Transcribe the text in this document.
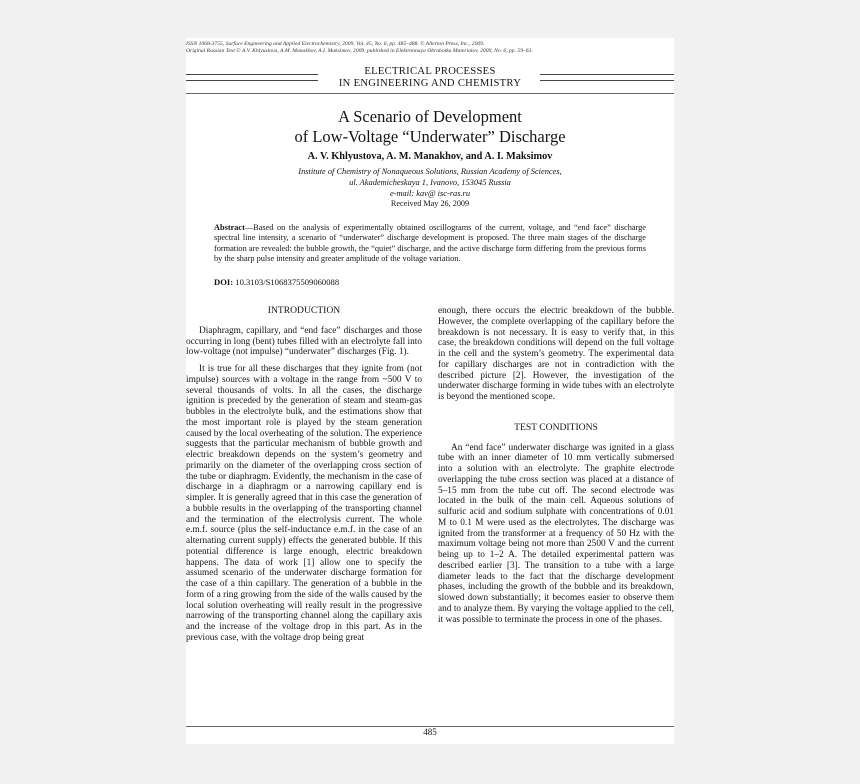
ISSN 1068-3755, Surface Engineering and Applied Electrochemistry, 2009, Vol. 45, No. 6, pp. 485–488. © Allerton Press, Inc., 2009.
Original Russian Text © A.V. Khlyustova, A.M. Manakhov, A.I. Maksimov, 2009, published in Elektronnaya Obrabotka Materialov, 2009, No. 6, pp. 59–63.
ELECTRICAL PROCESSES
IN ENGINEERING AND CHEMISTRY
A Scenario of Development
of Low-Voltage “Underwater” Discharge
A. V. Khlyustova, A. M. Manakhov, and A. I. Maksimov
Institute of Chemistry of Nonaqueous Solutions, Russian Academy of Sciences,
ul. Akademicheskaya 1, Ivanovo, 153045 Russia
e-mail: kav@ isc-ras.ru
Received May 26, 2009
Abstract—Based on the analysis of experimentally obtained oscillograms of the current, voltage, and “end face” discharge spectral line intensity, a scenario of “underwater” discharge development is proposed. The three main stages of the discharge formation are revealed: the bubble growth, the “quiet” discharge, and the active discharge form differing from the previous forms by the sharp pulse intensity and greater amplitude of the voltage variation.
DOI: 10.3103/S1068375509060088
INTRODUCTION

Diaphragm, capillary, and “end face” discharges and those occurring in long (bent) tubes filled with an electrolyte fall into low-voltage (not impulse) “underwater” discharges (Fig. 1).

It is true for all these discharges that they ignite from (not impulse) sources with a voltage in the range from ~500 V to several thousands of volts. In all the cases, the discharge ignition is preceded by the generation of steam and steam-gas bubbles in the electrolyte bulk, and the estimations show that the most important role is played by the steam generation caused by the local overheating of the solution. The experience suggests that the particular mechanism of bubble growth and electric breakdown depends on the system’s geometry and primarily on the diameter of the overlapping cross section of the tube or diaphragm. Evidently, the mechanism in the case of discharge in a diaphragm or a narrowing capillary end is simpler. It is generally agreed that in this case the generation of a bubble results in the overlapping of the transporting channel and the termination of the electrolysis current. The whole e.m.f. source (plus the self-inductance e.m.f. in the case of an alternating current supply) effects the generated bubble. If this potential difference is large enough, electric breakdown happens. The data of work [1] allow one to specify the assumed scenario of the underwater discharge formation for the case of a thin capillary. The generation of a bubble in the form of a ring growing from the side of the walls caused by the local solution overheating will really result in the progressive narrowing of the transporting channel along the capillary axis and the increase of the voltage drop in this part. As in the previous case, with the voltage drop being great

enough, there occurs the electric breakdown of the bubble. However, the complete overlapping of the capillary before the breakdown is not necessary. It is easy to verify that, in this case, the breakdown conditions will depend on the full voltage in the cell and the system’s geometry. The experimental data for capillary discharges are not in contradiction with the described picture [2]. However, the investigation of the underwater discharge forming in wide tubes with an electrolyte is beyond the mentioned scope.

TEST CONDITIONS

An “end face” underwater discharge was ignited in a glass tube with an inner diameter of 10 mm vertically submersed into a solution with an electrolyte. The graphite electrode overlapping the tube cross section was placed at a distance of 5–15 mm from the tube cut off. The second electrode was located in the bulk of the main cell. Aqueous solutions of sulfuric acid and sodium sulphate with concentrations of 0.01 M to 0.1 M were used as the electrolytes. The discharge was ignited from the transformer at a frequency of 50 Hz with the maximum voltage being not more than 2500 V and the current being up to 1–2 A. The detailed experimental pattern was described earlier [3]. The transition to a tube with a large diameter leads to the fact that the discharge development phases, including the growth of the bubble and its breakdown, slowed down substantially; it becomes easier to observe them and to analyze them. By varying the voltage applied to the cell, it was possible to terminate the process in one of the phases.

485
